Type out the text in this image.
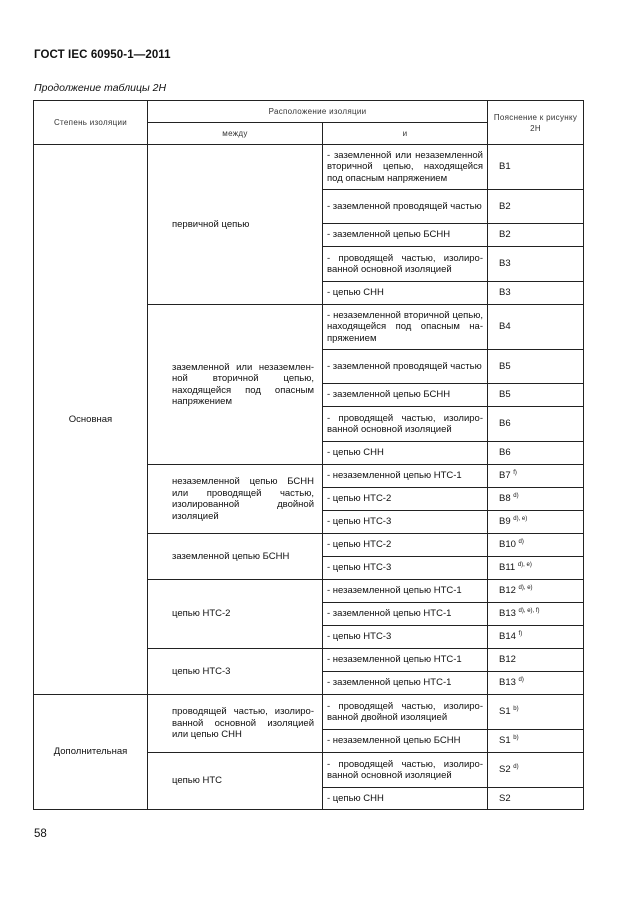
ГОСТ IEC 60950-1—2011
Продолжение таблицы 2Н
Степень изоляции	Расположение изоляции		Пояснение к рисунку 2Н
	между	и	
Основная	первичной цепью	- заземленной или незаземленной вторичной цепью, находящейся под опасным напряжением	B1
		- заземленной проводящей частью	B2
		- заземленной цепью БСНН	B2
		- проводящей частью, изолированной основной изоляцией	B3
		- цепью СНН	B3
	заземленной или незаземленной вторичной цепью, находящейся под опасным напряжением	- незаземленной вторичной цепью, находящейся под опасным напряжением	B4
		- заземленной проводящей частью	B5
		- заземленной цепью БСНН	B5
		- проводящей частью, изолированной основной изоляцией	B6
		- цепью СНН	B6
	незаземленной цепью БСНН или проводящей частью, изолированной двойной изоляцией	- незаземленной цепью НТС-1	B7 $^{f)}$
		- цепью НТС-2	B8 $^{d)}$
		- цепью НТС-3	B9 $^{d), e)}$
	заземленной цепью БСНН	- цепью НТС-2	B10 $^{d)}$
		- цепью НТС-3	B11 $^{d), e)}$
	цепью НТС-2	- незаземленной цепью НТС-1	B12 $^{d), e)}$
		- заземленной цепью НТС-1	B13 $^{d), e), f)}$
		- цепью НТС-3	B14 $^{f)}$
	цепью НТС-3	- незаземленной цепью НТС-1	B12
		- заземленной цепью НТС-1	B13 $^{d)}$
Дополнительная	проводящей частью, изолированной основной изоляцией или цепью СНН	- проводящей частью, изолированной двойной изоляцией	S1 $^{b)}$
		- незаземленной цепью БСНН	S1 $^{b)}$
	цепью НТС	- проводящей частью, изолированной основной изоляцией	S2 $^{d)}$
		- цепью СНН	S2
58
